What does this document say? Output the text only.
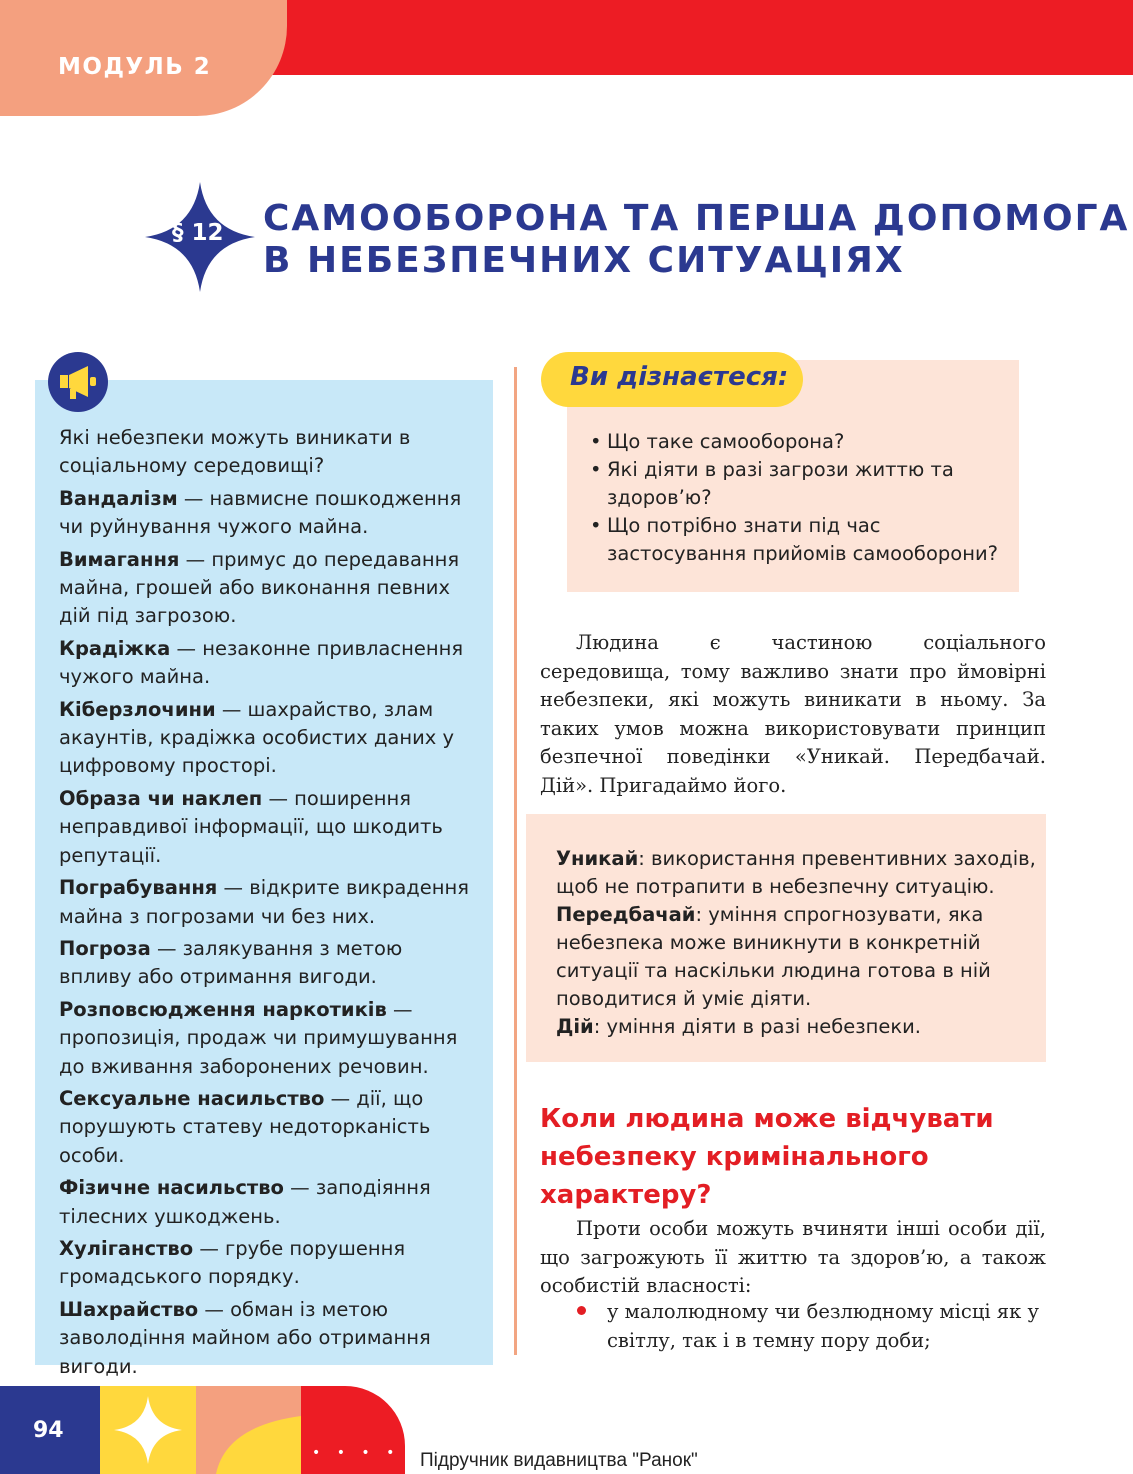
МОДУЛЬ 2
§ 12 САМООБОРОНА ТА ПЕРША ДОПОМОГА
В НЕБЕЗПЕЧНИХ СИТУАЦІЯХ

Які небезпеки можуть виникати в соціальному середовищі?

Вандалізм — навмисне пошкодження чи руйнування чужого майна.

Вимагання — примус до передавання майна, грошей або виконання певних дій під загрозою.

Крадіжка — незаконне привласнення чужого майна.

Кіберзлочини — шахрайство, злам акаунтів, крадіжка особистих даних у цифровому просторі.

Образа чи наклеп — поширення неправдивої інформації, що шкодить репутації.

Пограбування — відкрите викрадення майна з погрозами чи без них.

Погроза — залякування з метою впливу або отримання вигоди.

Розповсюдження наркотиків — пропозиція, продаж чи примушування до вживання заборонених речовин.

Сексуальне насильство — дії, що порушують статеву недоторканість особи.

Фізичне насильство — заподіяння тілесних ушкоджень.

Хуліганство — грубе порушення громадського порядку.

Шахрайство — обман із метою заволодіння майном або отримання вигоди.

Ви дізнаєтеся:
• Що таке самооборона?
• Які діяти в разі загрози життю та здоров’ю?
• Що потрібно знати під час застосування прийомів самооборони?
Людина є частиною соціального середовища, тому важливо знати про ймовірні небезпеки, які можуть виникати в ньому. За таких умов можна використовувати принцип безпечної поведінки «Уникай. Передбачай. Дій». Пригадаймо його.

Уникай: використання превентивних заходів, щоб не потрапити в небезпечну ситуацію.

Передбачай: уміння спрогнозувати, яка небезпека може виникнути в конкретній ситуації та наскільки людина готова в ній поводитися й уміє діяти.

Дій: уміння діяти в разі небезпеки.

Коли людина може відчувати небезпеку кримінального характеру?
Проти особи можуть вчиняти інші особи дії, що загрожують її життю та здоров’ю, а також особистій власності:
у малолюдному чи безлюдному місці як у світлу, так і в темну пору доби;
94
• • • • Підручник видавництва "Ранок"
